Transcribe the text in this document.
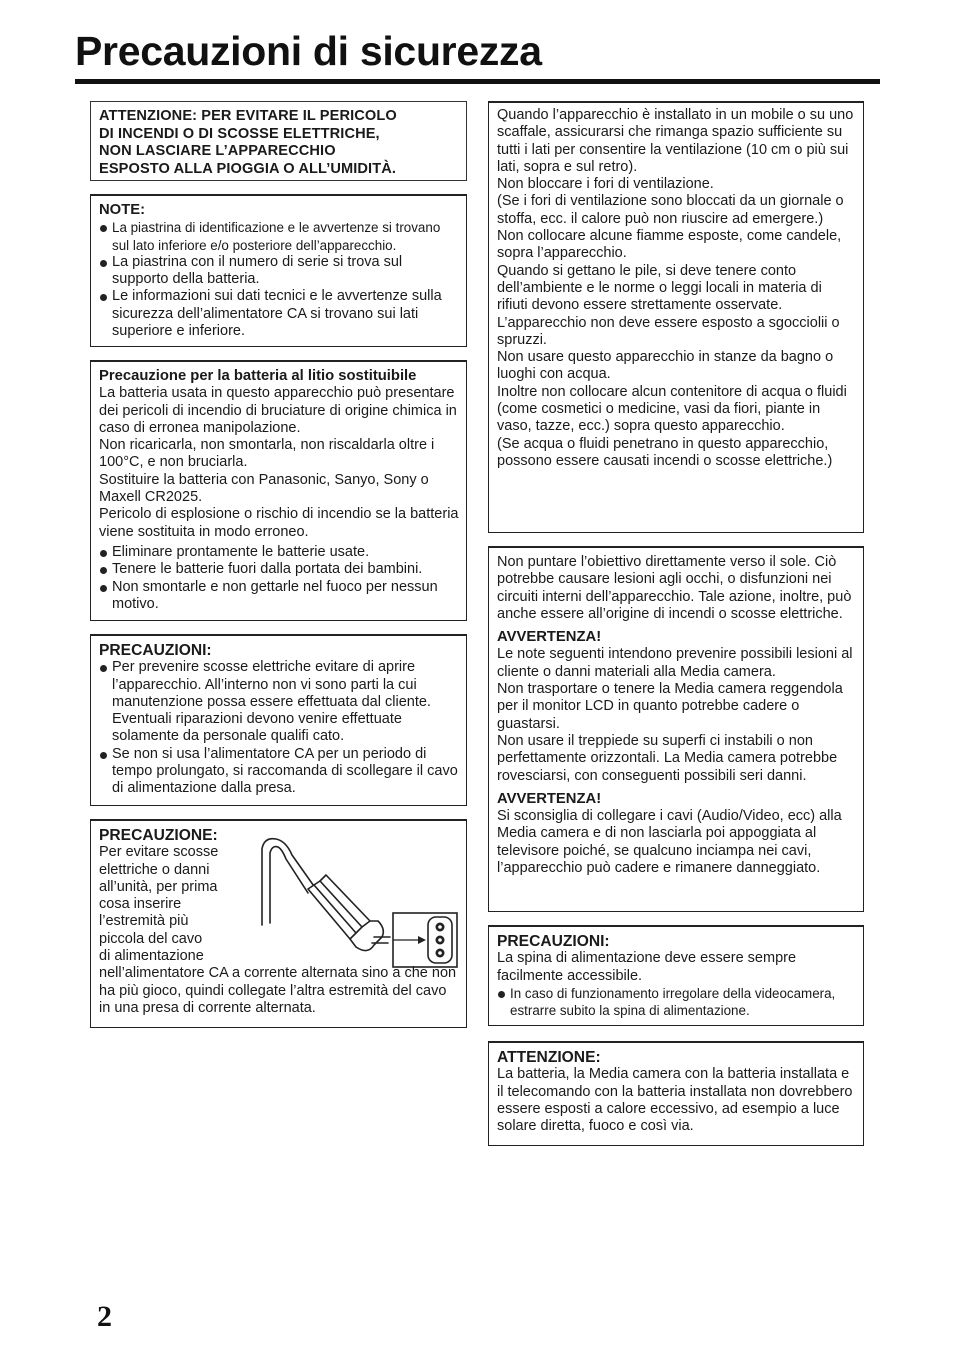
Precauzioni di sicurezza
ATTENZIONE: PER EVITARE IL PERICOLO
DI INCENDI O DI SCOSSE ELETTRICHE,
NON LASCIARE L’APPARECCHIO
ESPOSTO ALLA PIOGGIA O ALL’UMIDITÀ.

NOTE:

La piastrina di identificazione e le avvertenze si trovano sul lato inferiore e/o posteriore dell’apparecchio.
La piastrina con il numero di serie si trova sul supporto della batteria.
Le informazioni sui dati tecnici e le avvertenze sulla sicurezza dell’alimentatore CA si trovano sui lati superiore e inferiore.

Precauzione per la batteria al litio sostituibile

La batteria usata in questo apparecchio può presentare dei pericoli di incendio di bruciature di origine chimica in caso di erronea manipolazione.

Non ricaricarla, non smontarla, non riscaldarla oltre i 100°C, e non bruciarla.

Sostituire la batteria con Panasonic, Sanyo, Sony o Maxell CR2025.

Pericolo di esplosione o rischio di incendio se la batteria viene sostituita in modo erroneo.

Eliminare prontamente le batterie usate.
Tenere le batterie fuori dalla portata dei bambini.
Non smontarle e non gettarle nel fuoco per nessun motivo.

PRECAUZIONI:

Per prevenire scosse elettriche evitare di aprire l’apparecchio. All’interno non vi sono parti la cui manutenzione possa essere effettuata dal cliente. Eventuali riparazioni devono venire effettuate solamente da personale qualifi cato.
Se non si usa l’alimentatore CA per un periodo di tempo prolungato, si raccomanda di scollegare il cavo di alimentazione dalla presa.

PRECAUZIONE:

Per evitare scosse

elettriche o danni

all’unità, per prima

cosa inserire

l’estremità più

piccola del cavo

di alimentazione

nell’alimentatore CA a corrente alternata sino a che non ha più gioco, quindi collegate l’altra estremità del cavo in una presa di corrente alternata.

Quando l’apparecchio è installato in un mobile o su uno scaffale, assicurarsi che rimanga spazio sufficiente su tutti i lati per consentire la ventilazione (10 cm o più sui lati, sopra e sul retro).

Non bloccare i fori di ventilazione.

(Se i fori di ventilazione sono bloccati da un giornale o stoffa, ecc. il calore può non riuscire ad emergere.)

Non collocare alcune fiamme esposte, come candele, sopra l’apparecchio.

Quando si gettano le pile, si deve tenere conto dell’ambiente e le norme o leggi locali in materia di rifiuti devono essere strettamente osservate.

L’apparecchio non deve essere esposto a sgocciolii o spruzzi.

Non usare questo apparecchio in stanze da bagno o luoghi con acqua.

Inoltre non collocare alcun contenitore di acqua o fluidi (come cosmetici o medicine, vasi da fiori, piante in vaso, tazze, ecc.) sopra questo apparecchio.

(Se acqua o fluidi penetrano in questo apparecchio, possono essere causati incendi o scosse elettriche.)

Non puntare l’obiettivo direttamente verso il sole. Ciò potrebbe causare lesioni agli occhi, o disfunzioni nei circuiti interni dell’apparecchio. Tale azione, inoltre, può anche essere all’origine di incendi o scosse elettriche.

AVVERTENZA!

Le note seguenti intendono prevenire possibili lesioni al cliente o danni materiali alla Media camera.

Non trasportare o tenere la Media camera reggendola per il monitor LCD in quanto potrebbe cadere o guastarsi.

Non usare il treppiede su superfi ci instabili o non perfettamente orizzontali. La Media camera potrebbe rovesciarsi, con conseguenti possibili seri danni.

AVVERTENZA!

Si sconsiglia di collegare i cavi (Audio/Video, ecc) alla Media camera e di non lasciarla poi appoggiata al televisore poiché, se qualcuno inciampa nei cavi, l’apparecchio può cadere e rimanere danneggiato.

PRECAUZIONI:

La spina di alimentazione deve essere sempre facilmente accessibile.

In caso di funzionamento irregolare della videocamera, estrarre subito la spina di alimentazione.

ATTENZIONE:

La batteria, la Media camera con la batteria installata e il telecomando con la batteria installata non dovrebbero essere esposti a calore eccessivo, ad esempio a luce solare diretta, fuoco e così via.

2
